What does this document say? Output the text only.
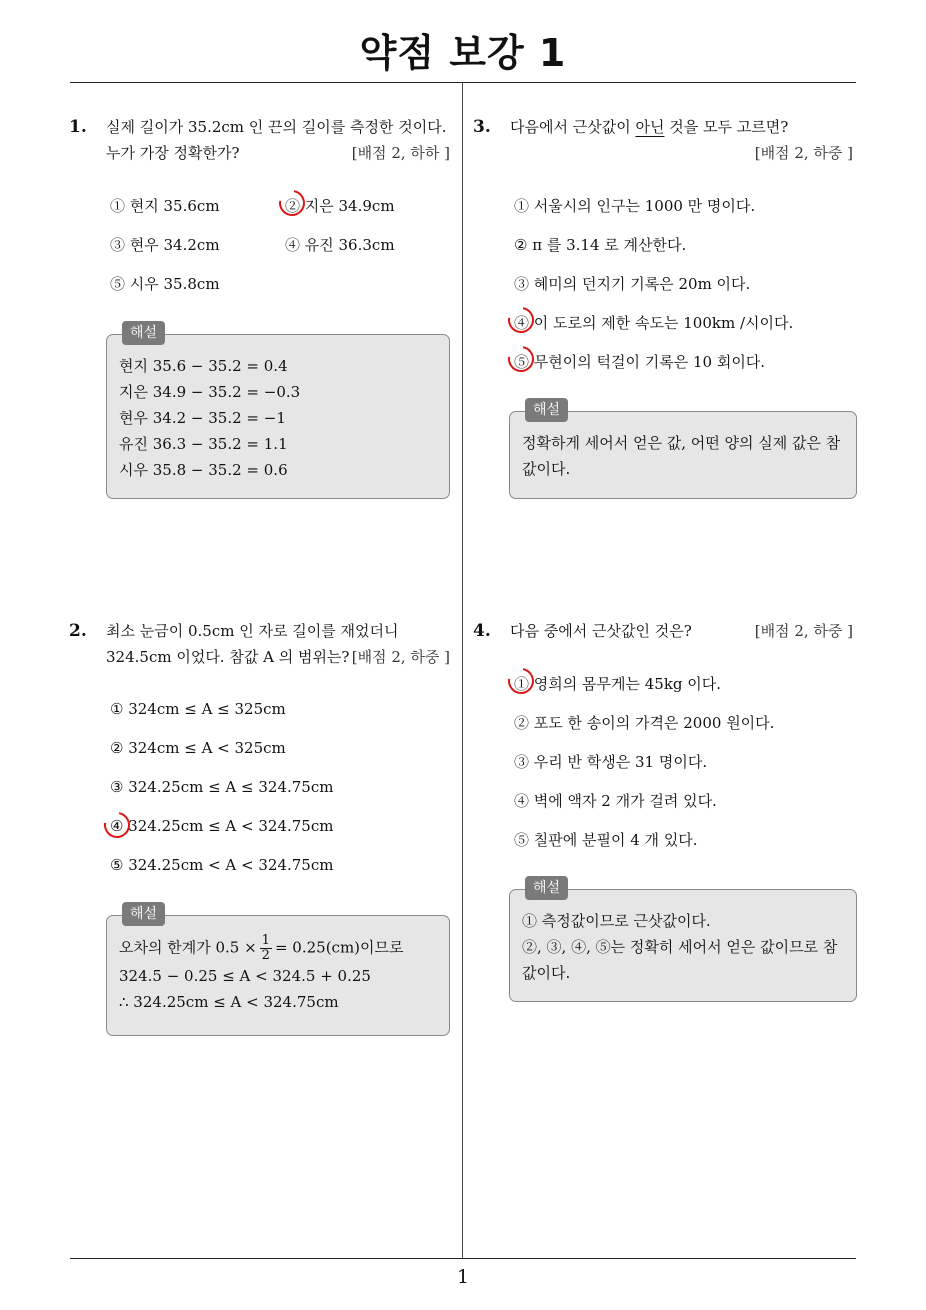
약점 보강 1
1. 실제 길이가 35.2cm 인 끈의 길이를 측정한 것이다. 누가 가장 정확한가?	[배점 2, 하하 ]
① 현지 35.6cm	② 지은 34.9cm
③ 현우 34.2cm	④ 유진 36.3cm
⑤ 시우 35.8cm
해설
현지 35.6 − 35.2 = 0.4
지은 34.9 − 35.2 = −0.3
현우 34.2 − 35.2 = −1
유진 36.3 − 35.2 = 1.1
시우 35.8 − 35.2 = 0.6
2. 최소 눈금이 0.5cm 인 자로 길이를 재었더니 324.5cm 이었다. 참값 A 의 범위는? [배점 2, 하중 ]
① 324cm ≤ A ≤ 325cm
② 324cm ≤ A < 325cm
③ 324.25cm ≤ A ≤ 324.75cm
④ 324.25cm ≤ A < 324.75cm
⑤ 324.25cm < A < 324.75cm
해설
오차의 한계가 $0.5 \times \frac{1}{2} = 0.25(cm)$이므로
324.5 − 0.25 ≤ A < 324.5 + 0.25
∴ 324.25cm ≤ A < 324.75cm
3. 다음에서 근삿값이 아닌 것을 모두 고르면?

[배점 2, 하중 ]
① 서울시의 인구는 1000 만 명이다.
② π 를 3.14 로 계산한다.
③ 혜미의 던지기 기록은 20m 이다.
④ 이 도로의 제한 속도는 100km /시이다.
⑤ 무현이의 턱걸이 기록은 10 회이다.
해설
정확하게 세어서 얻은 값, 어떤 양의 실제 값은 참값이다.
4. 다음 중에서 근삿값인 것은?	[배점 2, 하중 ]
① 영희의 몸무게는 45kg 이다.
② 포도 한 송이의 가격은 2000 원이다.
③ 우리 반 학생은 31 명이다.
④ 벽에 액자 2 개가 걸려 있다.
⑤ 칠판에 분필이 4 개 있다.
해설
① 측정값이므로 근삿값이다.
②, ③, ④, ⑤는 정확히 세어서 얻은 값이므로 참값이다.
1
